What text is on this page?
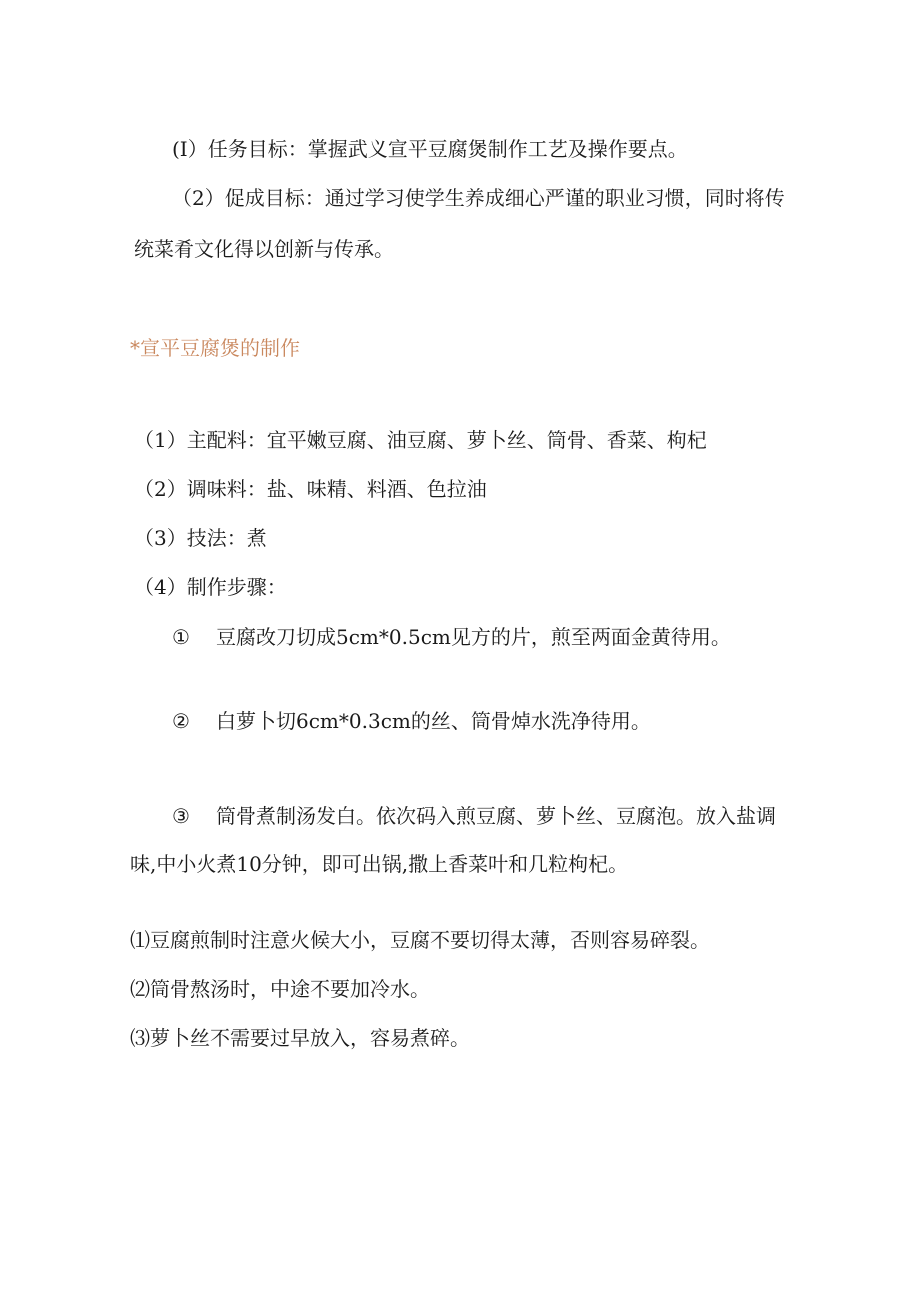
(I）任务目标：掌握武义宣平豆腐煲制作工艺及操作要点。
（2）促成目标：通过学习使学生养成细心严谨的职业习惯，同时将传
统菜肴文化得以创新与传承。
*宣平豆腐煲的制作
（1）主配料：宜平嫩豆腐、油豆腐、萝卜丝、筒骨、香菜、枸杞
（2）调味料：盐、味精、料酒、色拉油
（3）技法：煮
（4）制作步骤：
① 豆腐改刀切成5cm*0.5cm见方的片，煎至两面金黄待用。
② 白萝卜切6cm*0.3cm的丝、筒骨焯水洗净待用。
③ 筒骨煮制汤发白。依次码入煎豆腐、萝卜丝、豆腐泡。放入盐调
味,中小火煮10分钟，即可出锅,撒上香菜叶和几粒枸杞。
⑴豆腐煎制时注意火候大小，豆腐不要切得太薄，否则容易碎裂。
⑵筒骨熬汤时，中途不要加冷水。
⑶萝卜丝不需要过早放入，容易煮碎。
